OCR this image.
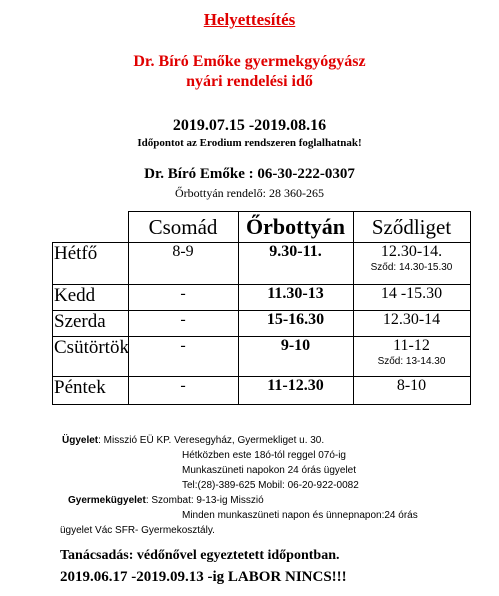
Helyettesítés
Dr. Bíró Emőke gyermekgyógyász
nyári rendelési idő
2019.07.15 -2019.08.16
Időpontot az Erodium rendszeren foglalhatnak!
Dr. Bíró Emőke : 06-30-222-0307
Őrbottyán rendelő: 28 360-265
	Csomád	Őrbottyán	Sződliget
Hétfő	8-9	9.30-11.	12.30-14.
Sződ: 14.30-15.30

Kedd	-	11.30-13	14 -15.30
Szerda	-	15-16.30	12.30-14
Csütörtök	-	9-10	11-12
Sződ: 13-14.30

Péntek	-	11-12.30	8-10
Ügyelet: Misszió EÜ KP. Veresegyház, Gyermekliget u. 30.
Hétközben este 18ó-tól reggel 07ó-ig
Munkaszüneti napokon 24 órás ügyelet
Tel:(28)-389-625 Mobil: 06-20-922-0082
Gyermekügyelet: Szombat: 9-13-ig Misszió
Minden munkaszüneti napon és ünnepnapon:24 órás
ügyelet Vác SFR- Gyermekosztály.
Tanácsadás: védőnővel egyeztetett időpontban.
2019.06.17 -2019.09.13 -ig LABOR NINCS!!!
